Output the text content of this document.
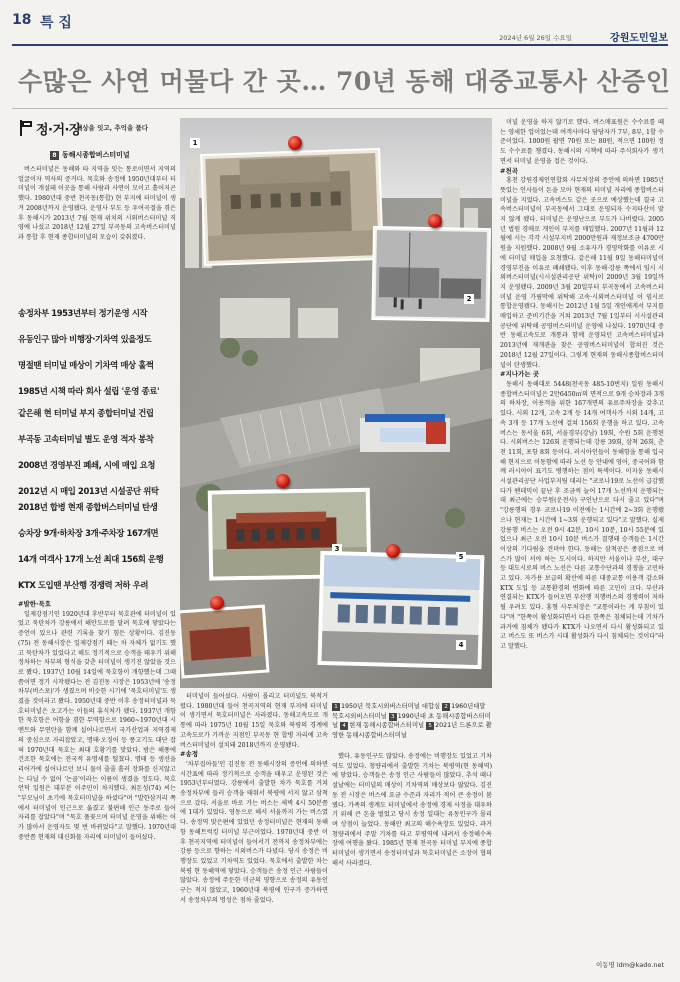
18 특 집
2024년 6월 26일 수요일	강원도민일보
수많은 사연 머물다 간 곳… 70년 동해 대중교통사 산증인
정·거·장
세상을 잇고, 추억을 품다
8 동해시종합버스터미널

버스터미널은 동해와 타 지역을 잇는 통로이면서 지역의 얼굴이자 역사의 증거다. 묵호와 송정에 1950년대부터 터미널이 개설돼 이곳을 통해 사람과 사연이 모이고 흩어지곤 했다. 1980년대 중반 천곡동(통합) 현 부지에 터미널이 생겨 2008년까지 운영됐다. 운영사 부도 등 우여곡절을 겪은 후 동해시가 2013년 7월 현재 위치의 시외버스터미널 직영에 나섰고 2018년 12월 27일 부곡동의 고속버스터미널과 통합 후 현재 종합터미널의 모습이 갖춰졌다.

송정차부 1953년부터 정기운영 시작
유동인구 많아 비행장·기차역 있을정도
명절땐 터미널 매상이 기차역 매상 훌쩍
1985년 시책 따라 회사 설립 '운영 종료'
같은해 현 터미널 부지 종합터미널 건립
부곡동 고속터미널 별도 운영 적자 봉착
2008년 경영부진 폐쇄, 시에 매입 요청
2012년 시 매입 2013년 시설공단 위탁
2018년 합병 현재 종합버스터미널 탄생
승차장 9개·하차장 3개·주차장 167개면
14개 여객사 17개 노선 최대 156회 운행
KTX 도입땐 부산행 경쟁력 저하 우려
#발한·묵호

일제강점기인 1920년대 후반부터 묵호관에 터미널이 있었고 묵탄차가 강릉에서 해안도로를 달려 묵호에 닿았다는 증언이 있으나 관련 기록을 찾기 힘든 상황이다. 김진동(75) 전 동해시장은 일제강점기 때는 차 자체가 없기도 했고 묵탄차가 있었다고 해도 정기적으로 승객을 태우기 위해 정차하는 차부의 형식을 갖춘 터미널이 생기진 않았을 것으로 봤다. 1937년 10월 14일에 묵호항이 개항했는데 그때쯤이면 정기 시작됐다는 전 김진동 시장은 1953년에 '송정차부(버스포)'가 생겼으며 비슷한 시기에 '묵호터미널'도 생겼을 것이라고 봤다. 1950년대 중반 이후 송정터미널과 묵호터미널은 오고가는 이들의 휴식처가 됐다. 1937년 개항한 묵호항은 어항을 겸한 무역항으로 1960~1970년대 시멘트와 무연탄을 함께 실어나르면서 국가산업과 지역경제의 중심으로 자리잡았고, 명태·오징어 등 풍고기도 대단 잡혀 1970년대 묵호는 최대 호황기를 맞았다. 밤은 해풍에 건조한 묵호에는 전국적 유명세를 떨쳤다. 명태 등 생선을 리어카에 실어나르던 보니 물이 줄줄 흘러 장화를 신지않고는 다닐 수 없어 '논골'이라는 이름이 생겼을 정도다. 묵호 언덕 일원은 대부분 이주민이 차지했다. 최돈성(74) 씨는 "부모님이 초기에 묵호터미널을 하셨다"며 "발한삼거리 쪽에서 터미널이 인근으로 옮겼고 불편해 인근 동주로 들어 자리를 잡았다"며 "묵호 풀꽃으며 터미널 운영을 위해는 어가 많아서 운영자도 몇 번 바뀌었다"고 말했다. 1970년대 중반쯤 현재의 대신화물 자리에 터미널이 들어섰다.

1
2
3
5
4

터미널이 들어섰다. 사람이 몰리고 터미널도 북적거렸다. 1980년대 들어 천곡지역의 현재 부지에 터미널이 생기면서 묵호터미널은 사라졌다. 동해고속도로 개통에 따라 1975년 10월 15일 묵호와 북평의 경계에 고속도로가 가까운 지점인 부곡동 현 합병 자리에 고속버스터미널이 설치돼 2018년까지 운영됐다.

#송정

'차부집아들'인 김진동 전 동해시장의 증언에 의하면 시간표에 따라 정기적으로 승객을 태우고 운영된 것은 1953년부터였다. 강릉에서 출발한 차가 묵호를 거쳐 송정차부에 들러 승객을 태워서 북평에 서지 않고 삼척으로 갔다. 서울로 바로 가는 버스는 새벽 4시 50분쯤에 1대가 있었다. 영동으로 해서 서울까지 가는 버스였다. 송정역 맞은편에 있었던 송정터미널은 현재의 동해항 동해트럭킹 터미널 부근이었다. 1970년대 중반 이후 천곡지역에 터미널이 들어서기 전까지 송정차부에는 강릉 등으로 향하는 시외버스가 다녔다. 당시 송정은 비행장도 있었고 기차역도 있었다. 묵호에서 출발한 차는 북평 현 동해역에 닿았다. 승객들은 송정 인근 사람들이 많았다. 송정에 주둔한 미군의 영향으로 송정의 유동인구는 적지 않았고, 1960년대 북평에 인구가 증가하면서 송정차부의 명성은 점차 줄었다.

1 1950년 묵호시외버스터미널 대합실 2 1960년대말 묵호시외버스터미널 3 1990년대 초 동해시종합버스터미널 4 현재 동해시종합버스터미널 5 2021년 드론으로 촬영한 동해시종합버스터미널

했다. 유동인구도 많았다. 송정에는 비행장도 있었고 기차역도 있었다. 청량리에서 출발한 기차는 북평역(현 동해역)에 닿았다. 승객들은 송정 인근 사람들이 많았다. 추석 때나 설날에는 터미널의 매상이 기차역의 매상보다 많았다. 김진동 전 시장은 버스에 요금 수준과 자리가 적어 큰 송정이 붐볐다. 가족의 생계도 터미널에서 송정에 경제 사정을 대우하기 위해 큰 돈을 벌었고 당시 송정 일대는 유동인구가 몰리며 상점이 늘었다. 동해안 최고의 해수욕장도 있었다. 과거 청량리에서 주말 기차를 타고 부평역에 내려서 송정해수욕장에 여행을 왔다. 1985년 현재 천곡동 터미널 부지에 종합터미널이 생기면서 송정터미널과 묵호터미널은 소장이 협의해서 사라졌다.

미널 운영을 하지 않기로 했다. 버스매표원은 수수료를 떼는 영세한 업이었는데 여객사마다 담당자가 7부, 8부, 1할 수준이었다. 1000원 팔면 70원 또는 80원, 적으면 100원 정도 수수료를 챙겼다. 동해시의 시책에 따라 주식회사가 생기면서 터미널 운영을 접은 것이다.

#천곡

홍천 강원경제인연합회 사무처장의 증언에 의하면 1985년 뜻있는 인사들이 돈을 모아 현재의 터미널 자리에 종합버스터미널을 지었다. 고속버스도 같은 곳으로 예상했는데 결국 고속버스터미널이 부곡동에서 그대로 운영되자 수지타산이 맞지 않게 됐다. 터미널은 운영난으로 부도가 나버렸다. 2005년 법원 경매로 개인이 부지를 매입했다. 2007년 11월과 12월에 시는 각각 시설부지비 2000만원과 재정보조금 4700만원을 지원했다. 2008년 9월 소유자가 경영악화를 이유로 시에 터미널 매입을 요청했다. 같은해 11월 9일 동해터미널이 경영부진을 이유로 폐쇄됐다. 이후 동해·강릉 쪽에서 임시 시외버스터미널(시시설관리공단 위탁)이 2009년 3월 19일까지 운영됐다. 2009년 3월 20일부터 부곡동에서 고속버스터미널 운영 가림막에 위탁해 고속·시외버스터미널 이 임시로 통합운영됐다. 동해시는 2012년 1월 5일 개인에게서 부지를 매입하고 준비기간을 거쳐 2013년 7월 1일부터 시시설관리공단에 위탁해 공영버스터미널 운영에 나섰다. 1970년대 중반 동해고속도로 개통과 함께 운영되던 고속버스터미널과 2013년에 재개관을 찾은 공영버스터미널이 합쳐진 것은 2018년 12월 27일이다. 그렇게 현재의 동해시종합버스터미널이 탄생했다.

#지나가는 곳

동해시 동해대로 5448(천곡동 485-10번지) 일원 동해시종합버스터미널은 2만6450㎡의 면적으로 9개 승차장과 3개의 하차장, 이용객을 위한 167개면의 유료주차장을 갖추고 있다. 시외 12개, 고속 2개 등 14개 여객사가 시외 14개, 고속 3개 등 17개 노선에 걸쳐 156회 운행을 하고 있다. 고속버스는 동서울 6회, 서울경부(강남) 19회, 수원 5회 운행된다. 시외버스는 126회 운행되는데 강릉 39회, 삼척 26회, 춘천 11회, 포항 8회 등이다. 러시아인들이 동해항을 통해 입국해 현지으로 이동함에 따라 노선 등 안내에 영어, 중국어와 함께 러시아어 표기도 병행하는 점이 특색이다. 이지웅 동해시시설관리공단 사업부지팀 대리는 "코로나19로 노선이 급감했다가 팬데믹이 끝난 후 조금씩 늘어 17개 노선까지 운행되는데 최근에는 승무원(운전사) 구인난으로 다시 줄고 있다"며 "강릉행의 경우 코로나19 이전에는 1시간에 2~3회 운행됐으나 현재는 1시간에 1~3회 운행되고 있다"고 말했다. 실제 강릉행 버스는 오전 9시 42분, 10시 10분, 10시 55분에 있었으나 최근 오전 10시 10분 버스가 결행돼 승객들은 1시간 이상의 기다림을 견뎌야 한다. 동해는 삼척공은 종점으로 버스가 많이 서야 하는 도시이다. 하지만 서울이나 부산, 대구 등 대도시로의 버스 노선은 다른 교통수단과의 경쟁을 고민하고 있다. 자가용 보급의 확산에 따른 대중교통 이용객 감소와 KTX 도입 등 교통환경의 변화에 따른 고민이 크다. 부산과 연결되는 KTX가 들어오면 부산행 직행버스의 경쟁력이 저하될 우려도 있다. 홍형 사무처장은 "교통이라는 게 부침이 있다"며 "한쪽이 활성화되면서 다른 한쪽은 침체되는데 기차가 과거에 침체가 됐다가 KTX가 나오면서 다시 활성화되고 있고 버스도 또 버스가 시대 활성화가 다시 침체되는 것이다"라고 말했다.

이동명 ldm@kado.net
